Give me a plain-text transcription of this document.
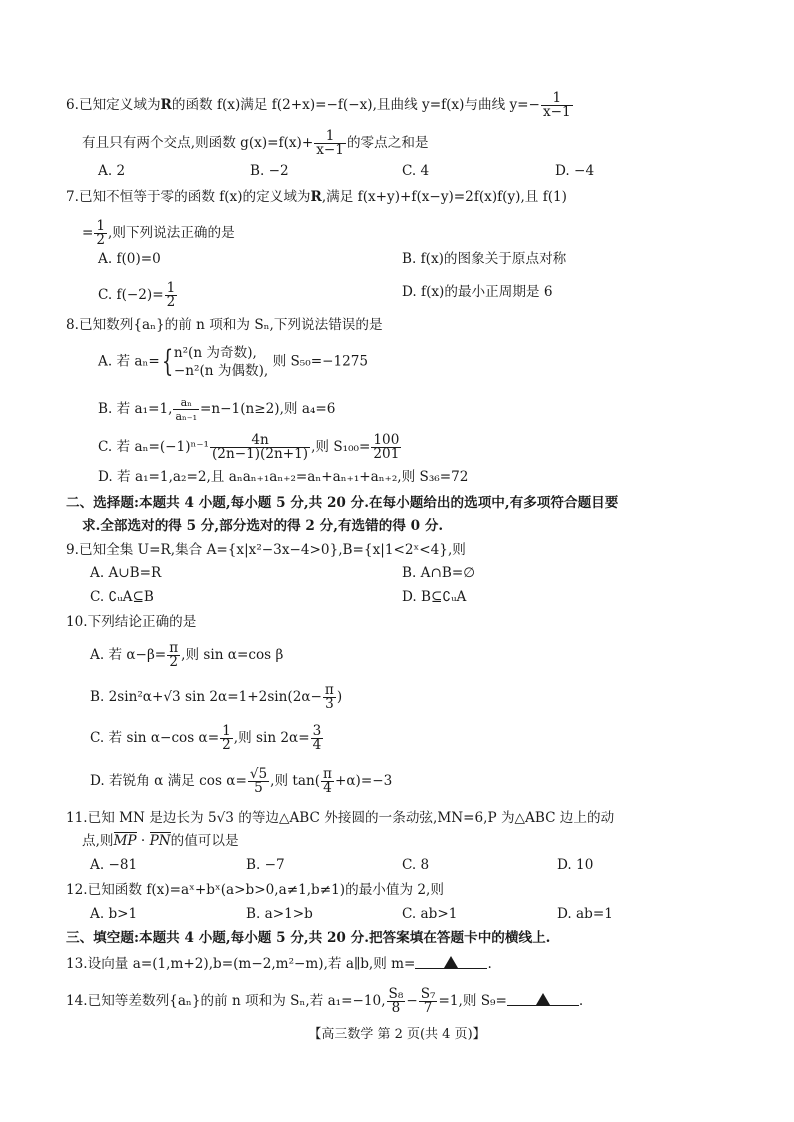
6.已知定义域为R的函数 f(x)满足 f(2+x)=−f(−x),且曲线 y=f(x)与曲线 $y=- \frac{1}{x-1}$
有且只有两个交点,则函数 $g(x)=f(x)+ \frac{1}{x-1}$ 的零点之和是
A. 2	B. −2	C. 4	D. −4
7.已知不恒等于零的函数 f(x)的定义域为R,满足 f(x+y)+f(x−y)=2f(x)f(y),且 f(1)
= $\frac{1}{2}$ ,则下列说法正确的是
A. f(0)=0	B. f(x)的图象关于原点对称
C. $f(-2)= \frac{1}{2}$	D. f(x)的最小正周期是 6
8.已知数列{aₙ}的前 n 项和为 Sₙ,下列说法错误的是
A. 若 aₙ={ n²(n 为奇数),
−n²(n 为偶数),
则 S₅₀=−1275
B. 若 a₁=1, $\frac{\text{aₙ}}{\text{aₙ₋₁}} =n-1(n\ge 2)$,则 a₄=6
C. 若 $a_n=(-1)^{n-1} \frac{4n}{(2n-1)(2n+1)}$ ,则 $S_{100}= \frac{100}{201}$
D. 若 a₁=1,a₂=2,且 aₙaₙ₊₁aₙ₊₂=aₙ+aₙ₊₁+aₙ₊₂,则 S₃₆=72
二、选择题:本题共 4 小题,每小题 5 分,共 20 分.在每小题给出的选项中,有多项符合题目要
求.全部选对的得 5 分,部分选对的得 2 分,有选错的得 0 分.
9.已知全集 U=R,集合 A={x|x²−3x−4>0},B={x|1<2ˣ<4},则
A. A∪B=R	B. A∩B=∅
C. ∁ᵤA⊆B	D. B⊆∁ᵤA
10.下列结论正确的是
A. 若 $\alpha-\beta= \frac{\pi}{2}$ ,则 sin α=cos β
B. 2sin²α+√3 $\sin 2\alpha=1+2\sin(2\alpha- \frac{\pi}{3}$ )
C. 若 sin α−cos $\alpha= \frac{1}{2}$ ,则 $\sin 2\alpha= \frac{3}{4}$
D. 若锐角 α 满足 $\cos \alpha= \frac{√5}{5}$ ,则 $\tan( \frac{\pi}{4} +\alpha)=-3$
11.已知 MN 是边长为 5√3 的等边△ABC 外接圆的一条动弦,MN=6,P 为△ABC 边上的动
点,则MP · PN的值可以是
A. −81	B. −7	C. 8	D. 10
12.已知函数 f(x)=aˣ+bˣ(a>b>0,a≠1,b≠1)的最小值为 2,则
A. b>1	B. a>1>b	C. ab>1	D. ab=1
三、填空题:本题共 4 小题,每小题 5 分,共 20 分.把答案填在答题卡中的横线上.
13.设向量 a=(1,m+2),b=(m−2,m²−m),若 a∥b,则 m=	.
14.已知等差数列{aₙ}的前 n 项和为 Sₙ,若 a₁=−10, $\frac{\text{S₈}}{8} - \frac{\text{S₇}}{7} =1$,则 S₉=	.
【高三数学 第 2 页(共 4 页)】
